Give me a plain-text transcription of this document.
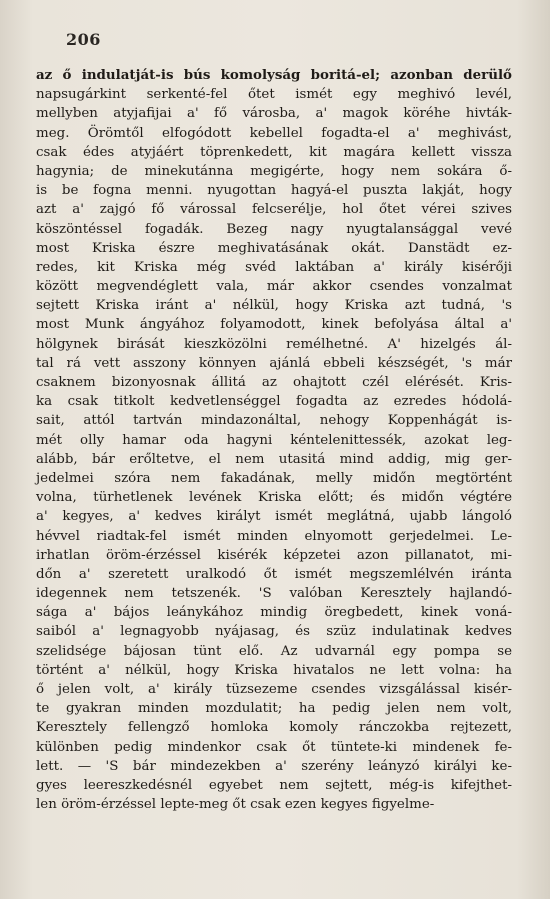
206
az ő indulatját-is bús komolyság boritá-el; azonban derülő
napsugárkint serkenté-fel őtet ismét egy meghivó levél,
mellyben atyjafijai a' fő városba, a' magok köréhe hivták-
meg. Örömtől elfogódott kebellel fogadta-el a' meghivást,
csak édes atyjáért töprenkedett, kit magára kellett vissza
hagynia; de minekutánna megigérte, hogy nem sokára ő-
is be fogna menni. nyugottan hagyá-el puszta lakját, hogy
azt a' zajgó fő várossal felcserélje, hol őtet vérei szives
köszöntéssel fogadák. Bezeg nagy nyugtalansággal vevé
most Kriska észre meghivatásának okát. Danstädt ez-
redes, kit Kriska még svéd laktában a' király kisérőji
között megvendéglett vala, már akkor csendes vonzalmat
sejtett Kriska iránt a' nélkül, hogy Kriska azt tudná, 's
most Munk ángyához folyamodott, kinek befolyása által a'
hölgynek birását kieszközölni remélhetné. A' hizelgés ál-
tal rá vett asszony könnyen ajánlá ebbeli készségét, 's már
csaknem bizonyosnak állitá az ohajtott czél elérését. Kris-
ka csak titkolt kedvetlenséggel fogadta az ezredes hódolá-
sait, attól tartván mindazonáltal, nehogy Koppenhágát is-
mét olly hamar oda hagyni kéntelenittessék, azokat leg-
alább, bár erőltetve, el nem utasitá mind addig, mig ger-
jedelmei szóra nem fakadának, melly midőn megtörtént
volna, türhetlenek levének Kriska előtt; és midőn végtére
a' kegyes, a' kedves királyt ismét meglátná, ujabb lángoló
hévvel riadtak-fel ismét minden elnyomott gerjedelmei. Le-
irhatlan öröm-érzéssel kisérék képzetei azon pillanatot, mi-
dőn a' szeretett uralkodó őt ismét megszemlélvén iránta
idegennek nem tetszenék. 'S valóban Keresztely hajlandó-
sága a' bájos leánykához mindig öregbedett, kinek voná-
saiból a' legnagyobb nyájasag, és szüz indulatinak kedves
szelidsége bájosan tünt elő. Az udvarnál egy pompa se
történt a' nélkül, hogy Kriska hivatalos ne lett volna: ha
ő jelen volt, a' király tüzsezeme csendes vizsgálással kisér-
te gyakran minden mozdulatit; ha pedig jelen nem volt,
Keresztely fellengző homloka komoly ránczokba rejtezett,
különben pedig mindenkor csak őt tüntete-ki mindenek fe-
lett. — 'S bár mindezekben a' szerény leányzó királyi ke-
gyes leereszkedésnél egyebet nem sejtett, még-is kifejthet-
len öröm-érzéssel lepte-meg őt csak ezen kegyes figyelme-
